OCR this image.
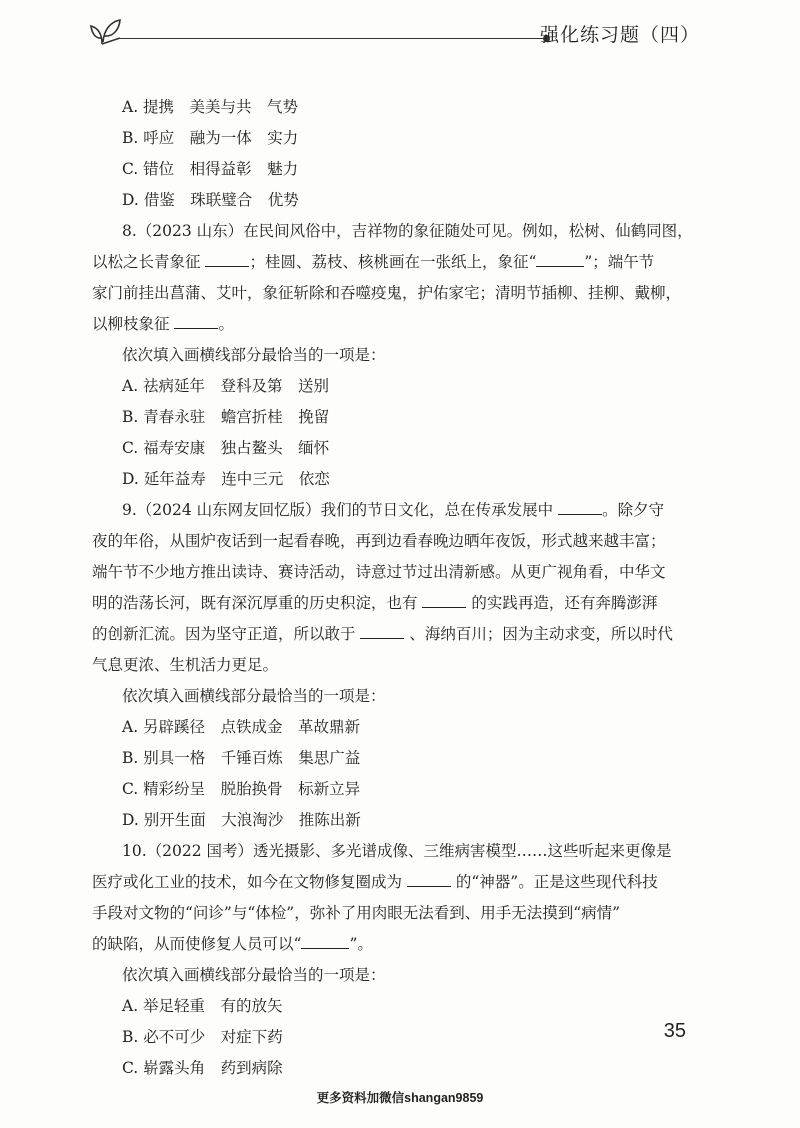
强化练习题（四）
A. 提携　美美与共　气势
B. 呼应　融为一体　实力
C. 错位　相得益彰　魅力
D. 借鉴　珠联璧合　优势
8.（2023 山东）在民间风俗中，吉祥物的象征随处可见。例如，松树、仙鹤同图，
以松之长青象征	；桂圆、荔枝、核桃画在一张纸上，象征“	”；端午节
家门前挂出菖蒲、艾叶，象征斩除和吞噬疫鬼，护佑家宅；清明节插柳、挂柳、戴柳，
以柳枝象征	。
依次填入画横线部分最恰当的一项是：
A. 祛病延年　登科及第　送别
B. 青春永驻　蟾宫折桂　挽留
C. 福寿安康　独占鳌头　缅怀
D. 延年益寿　连中三元　依恋
9.（2024 山东网友回忆版）我们的节日文化，总在传承发展中	。除夕守
夜的年俗，从围炉夜话到一起看春晚，再到边看春晚边晒年夜饭，形式越来越丰富；
端午节不少地方推出读诗、赛诗活动，诗意过节过出清新感。从更广视角看，中华文
明的浩荡长河，既有深沉厚重的历史积淀，也有	的实践再造，还有奔腾澎湃
的创新汇流。因为坚守正道，所以敢于	、海纳百川；因为主动求变，所以时代
气息更浓、生机活力更足。
依次填入画横线部分最恰当的一项是：
A. 另辟蹊径　点铁成金　革故鼎新
B. 别具一格　千锤百炼　集思广益
C. 精彩纷呈　脱胎换骨　标新立异
D. 别开生面　大浪淘沙　推陈出新
10.（2022 国考）透光摄影、多光谱成像、三维病害模型……这些听起来更像是
医疗或化工业的技术，如今在文物修复圈成为	的“神器”。正是这些现代科技
手段对文物的“问诊”与“体检”，弥补了用肉眼无法看到、用手无法摸到“病情”
的缺陷，从而使修复人员可以“	”。
依次填入画横线部分最恰当的一项是：
A. 举足轻重　有的放矢
B. 必不可少　对症下药
C. 崭露头角　药到病除
35
更多资料加微信shangan9859
